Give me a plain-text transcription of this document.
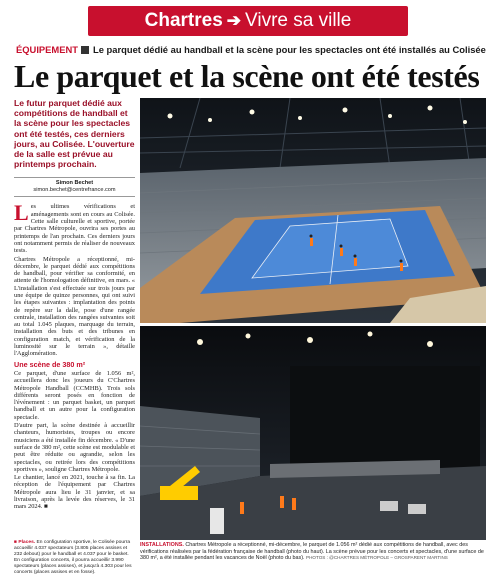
Chartres ➔ Vivre sa ville
ÉQUIPEMENT Le parquet dédié au handball et la scène pour les spectacles ont été installés au Colisée
Le parquet et la scène ont été testés

Le futur parquet dédié aux compétitions de handball et la scène pour les spectacles ont été testés, ces derniers jours, au Colisée. L'ouverture de la salle est prévue au printemps prochain.

Simon Bechet
simon.bechet@centrefrance.com

Les ultimes vérifications et aménagements sont en cours au Colisée. Cette salle culturelle et sportive, portée par Chartres Métropole, ouvrira ses portes au printemps de l'an prochain. Ces derniers jours ont notamment permis de réaliser de nouveaux tests.

Chartres Métropole a réceptionné, mi-décembre, le parquet dédié aux compétitions de handball, pour vérifier sa conformité, en attente de l'homologation définitive, en mars. « L'installation s'est effectuée sur trois jours par une équipe de quinze personnes, qui ont suivi les étapes suivantes : implantation des points de repère sur la dalle, pose d'une rangée centrale, installation des rangées suivantes soit au total 1.045 plaques, marquage du terrain, installation des buts et des tribunes en configuration match, et vérification de la luminosité sur le terrain », détaille l'Agglomération.

Une scène de 380 m²

Ce parquet, d'une surface de 1.056 m², accueillera donc les joueurs du C'Chartres Métropole Handball (CCMHB). Trois sols différents seront posés en fonction de l'événement : un parquet basket, un parquet handball et un autre pour la configuration spectacle.

D'autre part, la scène destinée à accueillir chanteurs, humoristes, troupes ou encore musiciens a été installée fin décembre. « D'une surface de 380 m², cette scène est modulable et peut être réduite ou agrandie, selon les spectacles, ou retirée lors des compétitions sportives », souligne Chartres Métropole.

Le chantier, lancé en 2021, touche à sa fin. La réception de l'équipement par Chartres Métropole aura lieu le 31 janvier, et sa livraison, après la levée des réserves, le 31 mars 2024. ■

■ Places. En configuration sportive, le Colisée pourra accueillir 4.037 spectateurs (3.805 places assises et 232 debout) pour le handball et 4.037 pour le basket. En configuration concerts, il pourra accueillir 3.990 spectateurs (places assises), et jusqu'à 4.303 pour les concerts (places assises et en fosse).
INSTALLATIONS. Chartres Métropole a réceptionné, mi-décembre, le parquet de 1.056 m² dédié aux compétitions de handball, avec des vérifications réalisées par la fédération française de handball (photo du haut). La scène prévue pour les concerts et spectacles, d'une surface de 380 m², a été installée pendant les vacances de Noël (photo du bas). PHOTOS : @CHARTRES MÉTROPOLE – GROSPARENT MARTINS
